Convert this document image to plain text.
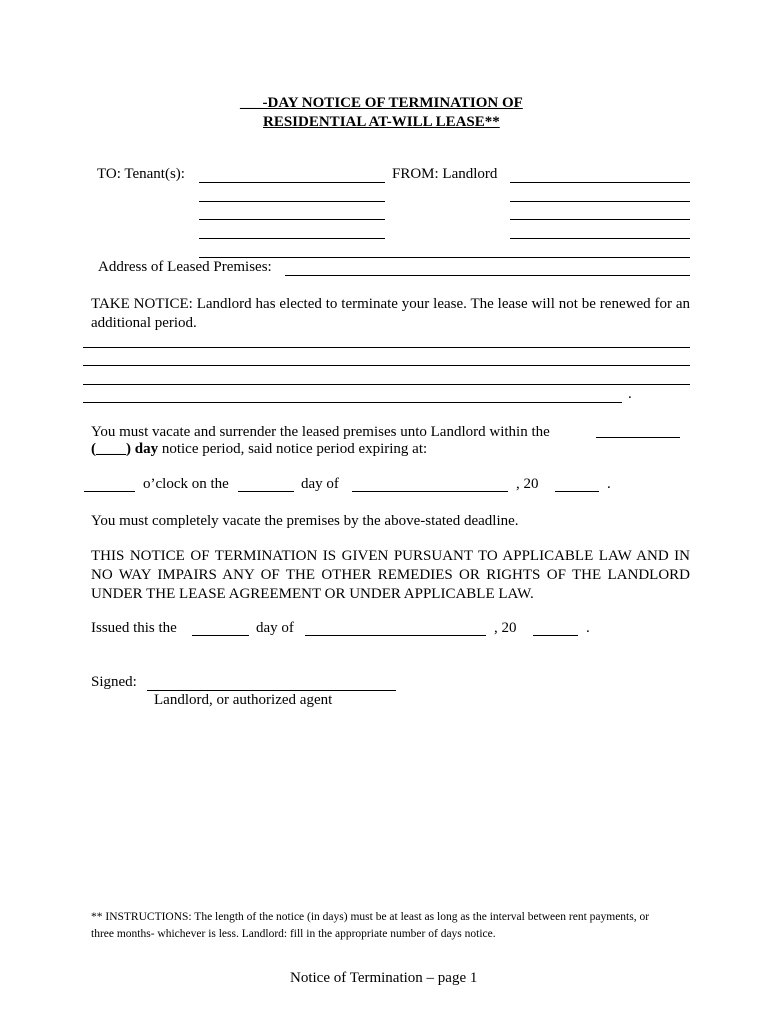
___-DAY NOTICE OF TERMINATION OF
RESIDENTIAL AT-WILL LEASE**
TO: Tenant(s):	FROM: Landlord
Address of Leased Premises:
TAKE NOTICE: Landlord has elected to terminate your lease. The lease will not be renewed for an additional period.
.
You must vacate and surrender the leased premises unto Landlord within the
(____) day notice period, said notice period expiring at:
o’clock on the	day of	, 20	.
You must completely vacate the premises by the above-stated deadline.
THIS NOTICE OF TERMINATION IS GIVEN PURSUANT TO APPLICABLE LAW AND IN NO WAY IMPAIRS ANY OF THE OTHER REMEDIES OR RIGHTS OF THE LANDLORD UNDER THE LEASE AGREEMENT OR UNDER APPLICABLE LAW.
Issued this the	day of	, 20	.
Signed:
Landlord, or authorized agent
** INSTRUCTIONS: The length of the notice (in days) must be at least as long as the interval between rent payments, or three months- whichever is less. Landlord: fill in the appropriate number of days notice.
Notice of Termination – page 1
